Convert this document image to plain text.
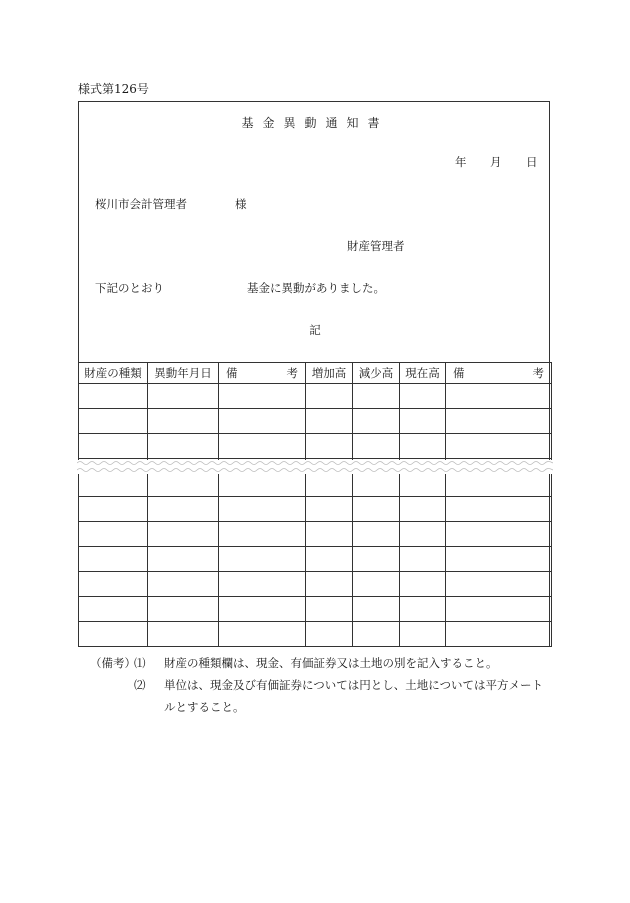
様式第126号
基金異動通知書
年 月 日
桜川市会計管理者	様
財産管理者
下記のとおり	基金に異動がありました。
記
財産の種類	異動年月日	備 考	増加高	減少高	現在高	備 考

（備考）
⑴	財産の種類欄は、現金、有価証券又は土地の別を記入すること。
⑵	単位は、現金及び有価証券については円とし、土地については平方メート
ルとすること。
